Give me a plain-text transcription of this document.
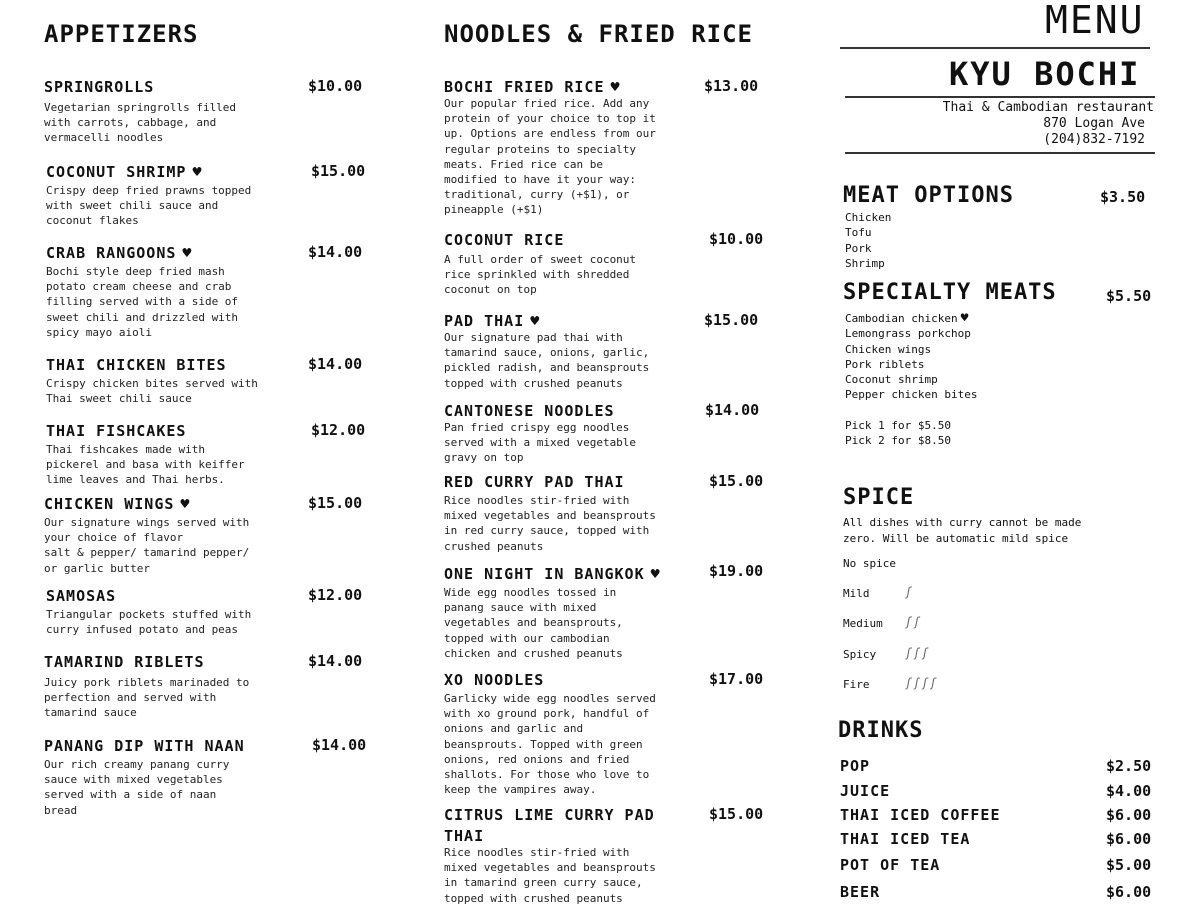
APPETIZERS
SPRINGROLLS	$10.00
Vegetarian springrolls filled
with carrots, cabbage, and
vermacelli noodles
COCONUT SHRIMP ♥	$15.00
Crispy deep fried prawns topped
with sweet chili sauce and
coconut flakes
CRAB RANGOONS ♥	$14.00
Bochi style deep fried mash
potato cream cheese and crab
filling served with a side of
sweet chili and drizzled with
spicy mayo aioli
THAI CHICKEN BITES	$14.00
Crispy chicken bites served with
Thai sweet chili sauce
THAI FISHCAKES	$12.00
Thai fishcakes made with
pickerel and basa with keiffer
lime leaves and Thai herbs.
CHICKEN WINGS ♥	$15.00
Our signature wings served with
your choice of flavor
salt & pepper/ tamarind pepper/
or garlic butter
SAMOSAS	$12.00
Triangular pockets stuffed with
curry infused potato and peas
TAMARIND RIBLETS	$14.00
Juicy pork riblets marinaded to
perfection and served with
tamarind sauce
PANANG DIP WITH NAAN	$14.00
Our rich creamy panang curry
sauce with mixed vegetables
served with a side of naan
bread
NOODLES & FRIED RICE
BOCHI FRIED RICE ♥	$13.00
Our popular fried rice. Add any
protein of your choice to top it
up. Options are endless from our
regular proteins to specialty
meats. Fried rice can be
modified to have it your way:
traditional, curry (+$1), or
pineapple (+$1)
COCONUT RICE	$10.00
A full order of sweet coconut
rice sprinkled with shredded
coconut on top
PAD THAI ♥	$15.00
Our signature pad thai with
tamarind sauce, onions, garlic,
pickled radish, and beansprouts
topped with crushed peanuts
CANTONESE NOODLES	$14.00
Pan fried crispy egg noodles
served with a mixed vegetable
gravy on top
RED CURRY PAD THAI	$15.00
Rice noodles stir-fried with
mixed vegetables and beansprouts
in red curry sauce, topped with
crushed peanuts
ONE NIGHT IN BANGKOK ♥	$19.00
Wide egg noodles tossed in
panang sauce with mixed
vegetables and beansprouts,
topped with our cambodian
chicken and crushed peanuts
XO NOODLES	$17.00
Garlicky wide egg noodles served
with xo ground pork, handful of
onions and garlic and
beansprouts. Topped with green
onions, red onions and fried
shallots. For those who love to
keep the vampires away.
CITRUS LIME CURRY PAD
THAI
$15.00
Rice noodles stir-fried with
mixed vegetables and beansprouts
in tamarind green curry sauce,
topped with crushed peanuts
MENU
KYU BOCHI
Thai & Cambodian restaurant
870 Logan Ave
(204)832-7192
MEAT OPTIONS	$3.50
Chicken
Tofu
Pork
Shrimp
SPECIALTY MEATS	$5.50
Cambodian chicken ♥
Lemongrass porkchop
Chicken wings
Pork riblets
Coconut shrimp
Pepper chicken bites
Pick 1 for $5.50
Pick 2 for $8.50
SPICE
All dishes with curry cannot be made
zero. Will be automatic mild spice
No spice
Mild	ʃ
Medium ʃʃ
Spicy ʃʃʃ
Fire	ʃʃʃʃ
DRINKS
POP	$2.50
JUICE	$4.00
THAI ICED COFFEE	$6.00
THAI ICED TEA	$6.00
POT OF TEA	$5.00
BEER	$6.00
